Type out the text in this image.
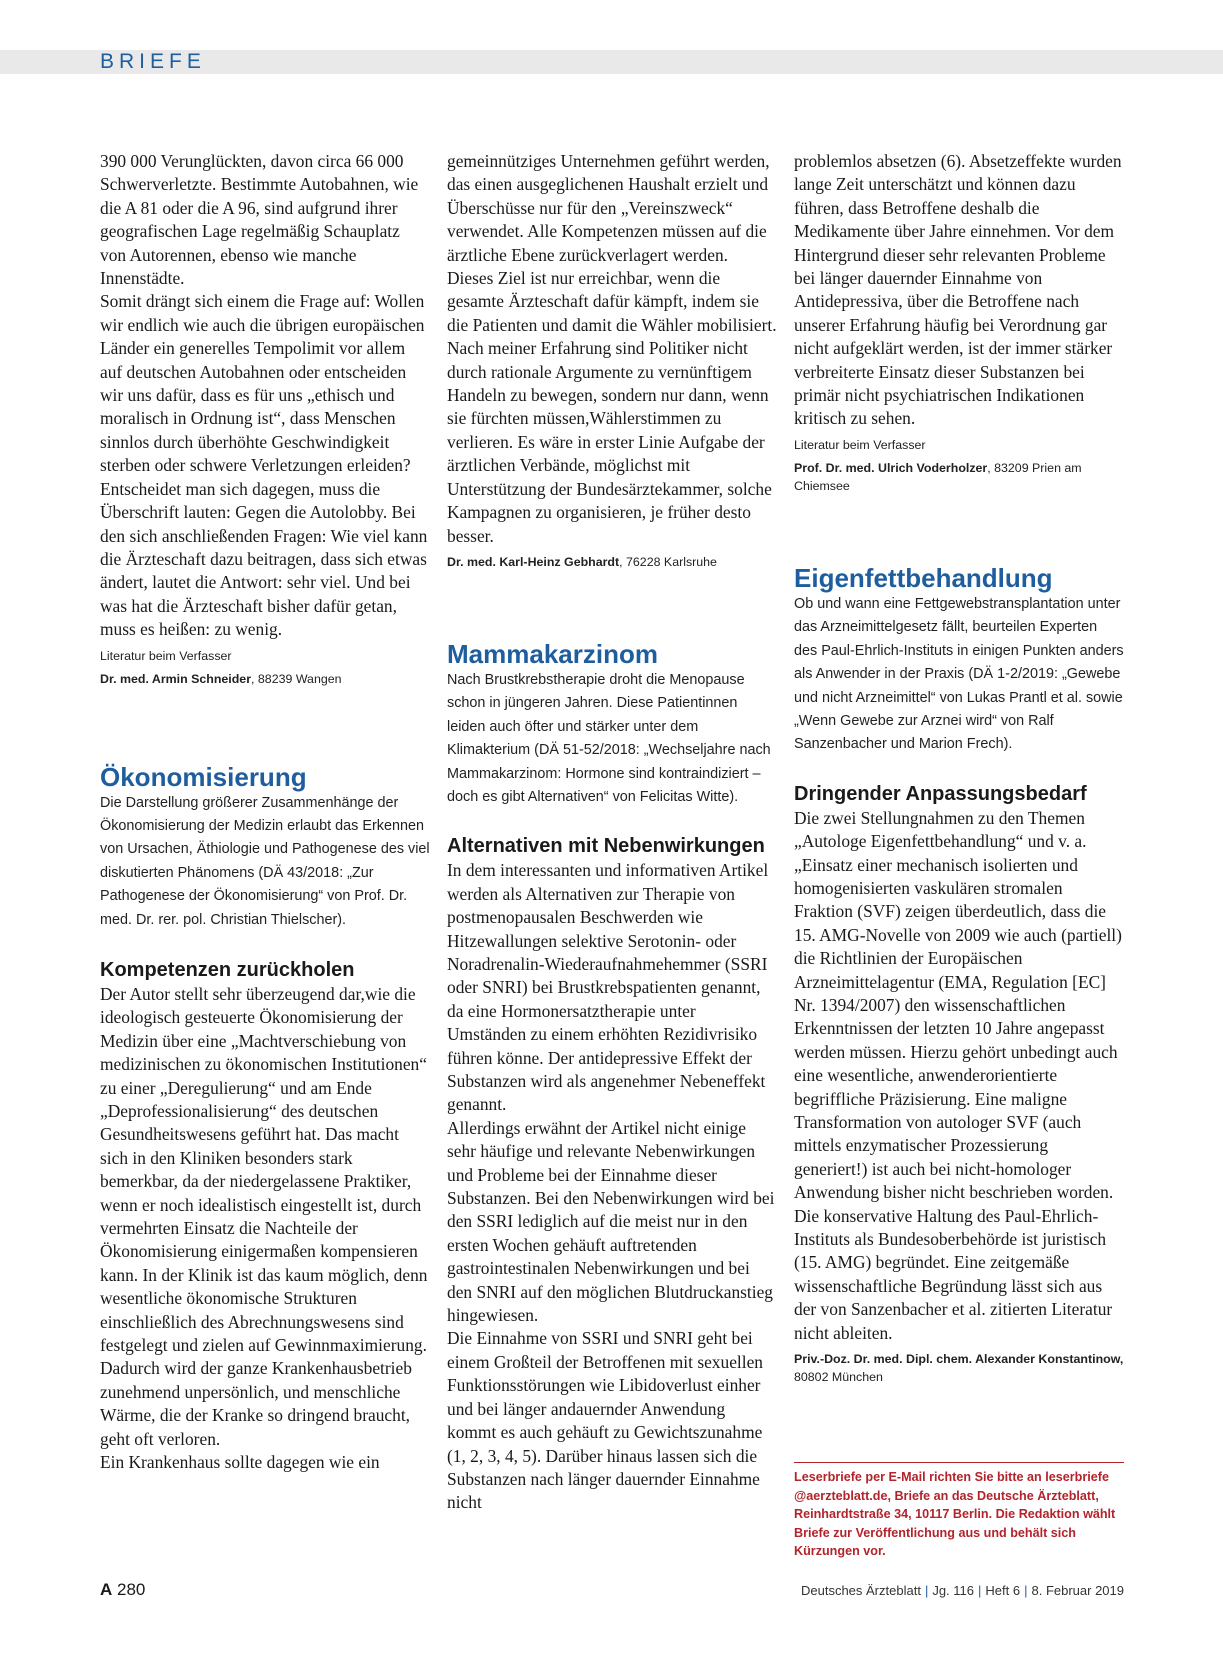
BRIEFE

390 000 Verunglückten, davon circa 66 000 Schwerverletzte. Bestimmte Autobahnen, wie die A 81 oder die A 96, sind aufgrund ihrer geografischen Lage regelmäßig Schauplatz von Autorennen, ebenso wie manche Innenstädte.

Somit drängt sich einem die Frage auf: Wollen wir endlich wie auch die übrigen europäischen Länder ein generelles Tempolimit vor allem auf deutschen Autobahnen oder entscheiden wir uns dafür, dass es für uns „ethisch und moralisch in Ordnung ist“, dass Menschen sinnlos durch überhöhte Geschwindigkeit sterben oder schwere Verletzungen erleiden?

Entscheidet man sich dagegen, muss die Überschrift lauten: Gegen die Autolobby. Bei den sich anschließenden Fragen: Wie viel kann die Ärzteschaft dazu beitragen, dass sich etwas ändert, lautet die Antwort: sehr viel. Und bei was hat die Ärzteschaft bisher dafür getan, muss es heißen: zu wenig.

Literatur beim Verfasser
Dr. med. Armin Schneider, 88239 Wangen
Ökonomisierung
Die Darstellung größerer Zusammenhänge der Ökonomisierung der Medizin erlaubt das Erkennen von Ursachen, Äthiologie und Pathogenese des viel diskutierten Phänomens (DÄ 43/2018: „Zur Pathogenese der Ökonomisierung“ von Prof. Dr. med. Dr. rer. pol. Christian Thielscher).
Kompetenzen zurückholen

Der Autor stellt sehr überzeugend dar,wie die ideologisch gesteuerte Ökonomisierung der Medizin über eine „Machtverschiebung von medizinischen zu ökonomischen Institutionen“ zu einer „Deregulierung“ und am Ende „Deprofessionalisierung“ des deutschen Gesundheitswesens geführt hat. Das macht sich in den Kliniken besonders stark bemerkbar, da der niedergelassene Praktiker, wenn er noch idealistisch eingestellt ist, durch vermehrten Einsatz die Nachteile der Ökonomisierung einigermaßen kompensieren kann. In der Klinik ist das kaum möglich, denn wesentliche ökonomische Strukturen einschließlich des Abrechnungswesens sind festgelegt und zielen auf Gewinnmaximierung. Dadurch wird der ganze Krankenhausbetrieb zunehmend unpersönlich, und menschliche Wärme, die der Kranke so dringend braucht, geht oft verloren.

Ein Krankenhaus sollte dagegen wie ein

gemeinnütziges Unternehmen geführt werden, das einen ausgeglichenen Haushalt erzielt und Überschüsse nur für den „Vereinszweck“ verwendet. Alle Kompetenzen müssen auf die ärztliche Ebene zurückverlagert werden. Dieses Ziel ist nur erreichbar, wenn die gesamte Ärzteschaft dafür kämpft, indem sie die Patienten und damit die Wähler mobilisiert. Nach meiner Erfahrung sind Politiker nicht durch rationale Argumente zu vernünftigem Handeln zu bewegen, sondern nur dann, wenn sie fürchten müssen,Wählerstimmen zu verlieren. Es wäre in erster Linie Aufgabe der ärztlichen Verbände, möglichst mit Unterstützung der Bundesärztekammer, solche Kampagnen zu organisieren, je früher desto besser.

Dr. med. Karl-Heinz Gebhardt, 76228 Karlsruhe
Mammakarzinom
Nach Brustkrebstherapie droht die Menopause schon in jüngeren Jahren. Diese Patientinnen leiden auch öfter und stärker unter dem Klimakterium (DÄ 51-52/2018: „Wechseljahre nach Mammakarzinom: Hormone sind kontraindiziert – doch es gibt Alternativen“ von Felicitas Witte).
Alternativen mit Nebenwirkungen

In dem interessanten und informativen Artikel werden als Alternativen zur Therapie von postmenopausalen Beschwerden wie Hitzewallungen selektive Serotonin- oder Noradrenalin-Wiederaufnahmehemmer (SSRI oder SNRI) bei Brustkrebspatienten genannt, da eine Hormonersatztherapie unter Umständen zu einem erhöhten Rezidivrisiko führen könne. Der antidepressive Effekt der Substanzen wird als angenehmer Nebeneffekt genannt.

Allerdings erwähnt der Artikel nicht einige sehr häufige und relevante Nebenwirkungen und Probleme bei der Einnahme dieser Substanzen. Bei den Nebenwirkungen wird bei den SSRI lediglich auf die meist nur in den ersten Wochen gehäuft auftretenden gastrointestinalen Nebenwirkungen und bei den SNRI auf den möglichen Blutdruckanstieg hingewiesen.

Die Einnahme von SSRI und SNRI geht bei einem Großteil der Betroffenen mit sexuellen Funktionsstörungen wie Libidoverlust einher und bei länger andauernder Anwendung kommt es auch gehäuft zu Gewichtszunahme (1, 2, 3, 4, 5). Darüber hinaus lassen sich die Substanzen nach länger dauernder Einnahme nicht

problemlos absetzen (6). Absetzeffekte wurden lange Zeit unterschätzt und können dazu führen, dass Betroffene deshalb die Medikamente über Jahre einnehmen. Vor dem Hintergrund dieser sehr relevanten Probleme bei länger dauernder Einnahme von Antidepressiva, über die Betroffene nach unserer Erfahrung häufig bei Verordnung gar nicht aufgeklärt werden, ist der immer stärker verbreiterte Einsatz dieser Substanzen bei primär nicht psychiatrischen Indikationen kritisch zu sehen.

Literatur beim Verfasser
Prof. Dr. med. Ulrich Voderholzer, 83209 Prien am Chiemsee
Eigenfettbehandlung
Ob und wann eine Fettgewebstransplantation unter das Arzneimittelgesetz fällt, beurteilen Experten des Paul-Ehrlich-Instituts in einigen Punkten anders als Anwender in der Praxis (DÄ 1-2/2019: „Gewebe und nicht Arzneimittel“ von Lukas Prantl et al. sowie „Wenn Gewebe zur Arznei wird“ von Ralf Sanzenbacher und Marion Frech).
Dringender Anpassungsbedarf

Die zwei Stellungnahmen zu den Themen „Autologe Eigenfettbehandlung“ und v. a. „Einsatz einer mechanisch isolierten und homogenisierten vaskulären stromalen Fraktion (SVF) zeigen überdeutlich, dass die 15. AMG-Novelle von 2009 wie auch (partiell) die Richtlinien der Europäischen Arzneimittelagentur (EMA, Regulation [EC] Nr. 1394/2007) den wissenschaftlichen Erkenntnissen der letzten 10 Jahre angepasst werden müssen. Hierzu gehört unbedingt auch eine wesentliche, anwenderorientierte begriffliche Präzisierung. Eine maligne Transformation von autologer SVF (auch mittels enzymatischer Prozessierung generiert!) ist auch bei nicht-homologer Anwendung bisher nicht beschrieben worden. Die konservative Haltung des Paul-Ehrlich-Instituts als Bundesoberbehörde ist juristisch (15. AMG) begründet. Eine zeitgemäße wissenschaftliche Begründung lässt sich aus der von Sanzenbacher et al. zitierten Literatur nicht ableiten.

Priv.-Doz. Dr. med. Dipl. chem. Alexander Konstantinow,
80802 München
Leserbriefe per E-Mail richten Sie bitte an leserbriefe @aerzteblatt.de, Briefe an das Deutsche Ärzteblatt, Reinhardtstraße 34, 10117 Berlin. Die Redaktion wählt Briefe zur Veröffentlichung aus und behält sich Kürzungen vor.
A 280	Deutsches Ärzteblatt | Jg. 116 | Heft 6 | 8. Februar 2019
